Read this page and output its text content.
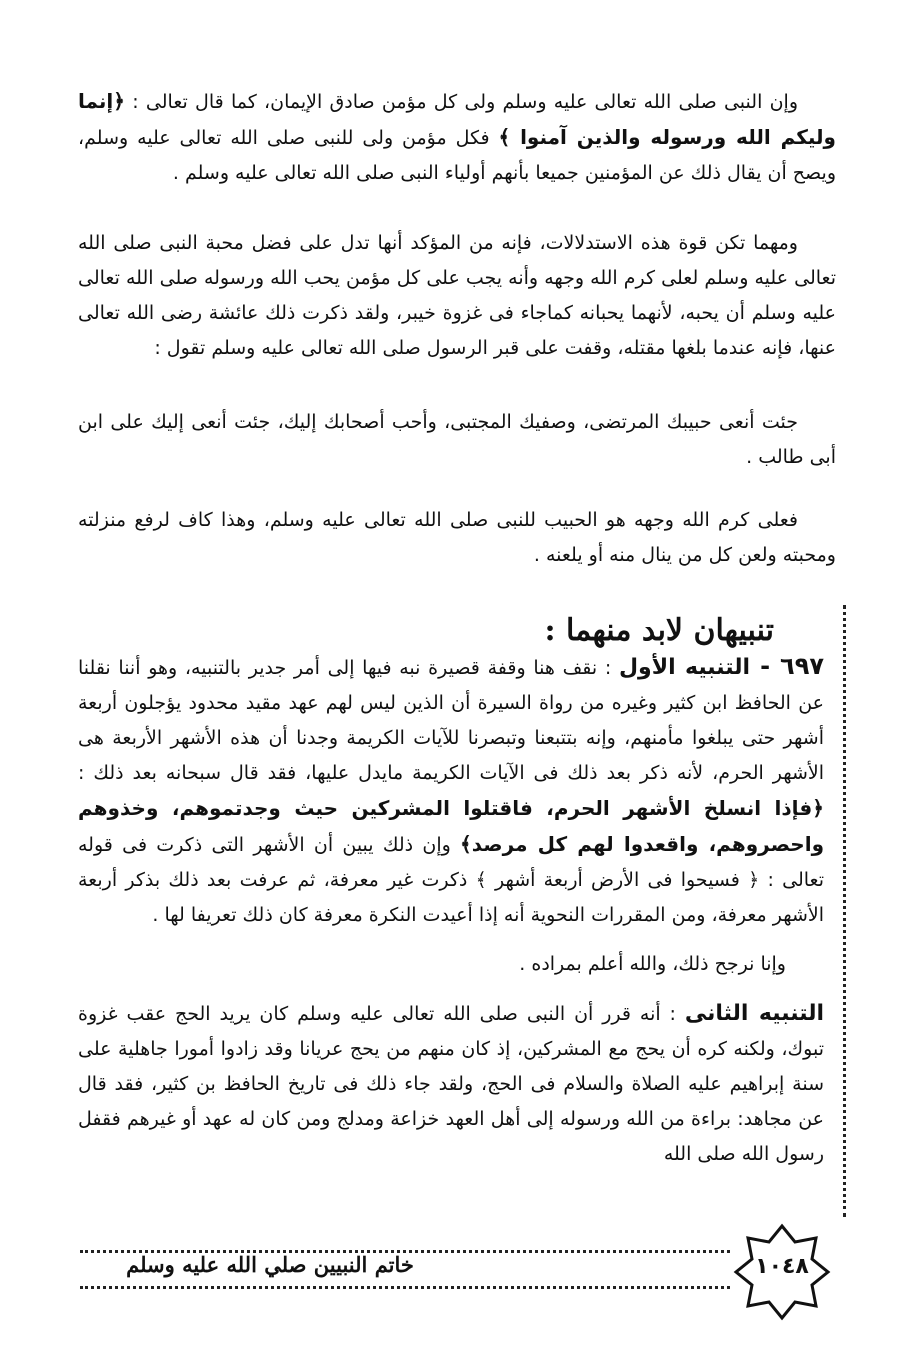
وإن النبى صلى الله تعالى عليه وسلم ولى كل مؤمن صادق الإيمان، كما قال تعالى : ﴿إنما وليكم الله ورسوله والذين آمنوا ﴾ فكل مؤمن ولى للنبى صلى الله تعالى عليه وسلم، ويصح أن يقال ذلك عن المؤمنين جميعا بأنهم أولياء النبى صلى الله تعالى عليه وسلم .

ومهما تكن قوة هذه الاستدلالات، فإنه من المؤكد أنها تدل على فضل محبة النبى صلى الله تعالى عليه وسلم لعلى كرم الله وجهه وأنه يجب على كل مؤمن يحب الله ورسوله صلى الله تعالى عليه وسلم أن يحبه، لأنهما يحبانه كماجاء فى غزوة خيبر، ولقد ذكرت ذلك عائشة رضى الله تعالى عنها، فإنه عندما بلغها مقتله، وقفت على قبر الرسول صلى الله تعالى عليه وسلم تقول :

جئت أنعى حبيبك المرتضى، وصفيك المجتبى، وأحب أصحابك إليك، جئت أنعى إليك على ابن أبى طالب .

فعلى كرم الله وجهه هو الحبيب للنبى صلى الله تعالى عليه وسلم، وهذا كاف لرفع منزلته ومحبته ولعن كل من ينال منه أو يلعنه .

تنبيهان لابد منهما :

٦٩٧ - التنبيه الأول : نقف هنا وقفة قصيرة نبه فيها إلى أمر جدير بالتنبيه، وهو أننا نقلنا عن الحافظ ابن كثير وغيره من رواة السيرة أن الذين ليس لهم عهد مقيد محدود يؤجلون أربعة أشهر حتى يبلغوا مأمنهم، وإنه بتتبعنا وتبصرنا للآيات الكريمة وجدنا أن هذه الأشهر الأربعة هى الأشهر الحرم، لأنه ذكر بعد ذلك فى الآيات الكريمة مايدل عليها، فقد قال سبحانه بعد ذلك : ﴿فإذا انسلخ الأشهر الحرم، فاقتلوا المشركين حيث وجدتموهم، وخذوهم واحصروهم، واقعدوا لهم كل مرصد﴾ وإن ذلك يبين أن الأشهر التى ذكرت فى قوله تعالى : ﴿ فسيحوا فى الأرض أربعة أشهر ﴾ ذكرت غير معرفة، ثم عرفت بعد ذلك بذكر أربعة الأشهر معرفة، ومن المقررات النحوية أنه إذا أعيدت النكرة معرفة كان ذلك تعريفا لها .

وإنا نرجح ذلك، والله أعلم بمراده .

التنبيه الثانى : أنه قرر أن النبى صلى الله تعالى عليه وسلم كان يريد الحج عقب غزوة تبوك، ولكنه كره أن يحج مع المشركين، إذ كان منهم من يحج عريانا وقد زادوا أمورا جاهلية على سنة إبراهيم عليه الصلاة والسلام فى الحج، ولقد جاء ذلك فى تاريخ الحافظ بن كثير، فقد قال عن مجاهد: براءة من الله ورسوله إلى أهل العهد خزاعة ومدلج ومن كان له عهد أو غيرهم فقفل رسول الله صلى الله

خاتم النبيين صلي الله عليه وسلم	١٠٤٨
